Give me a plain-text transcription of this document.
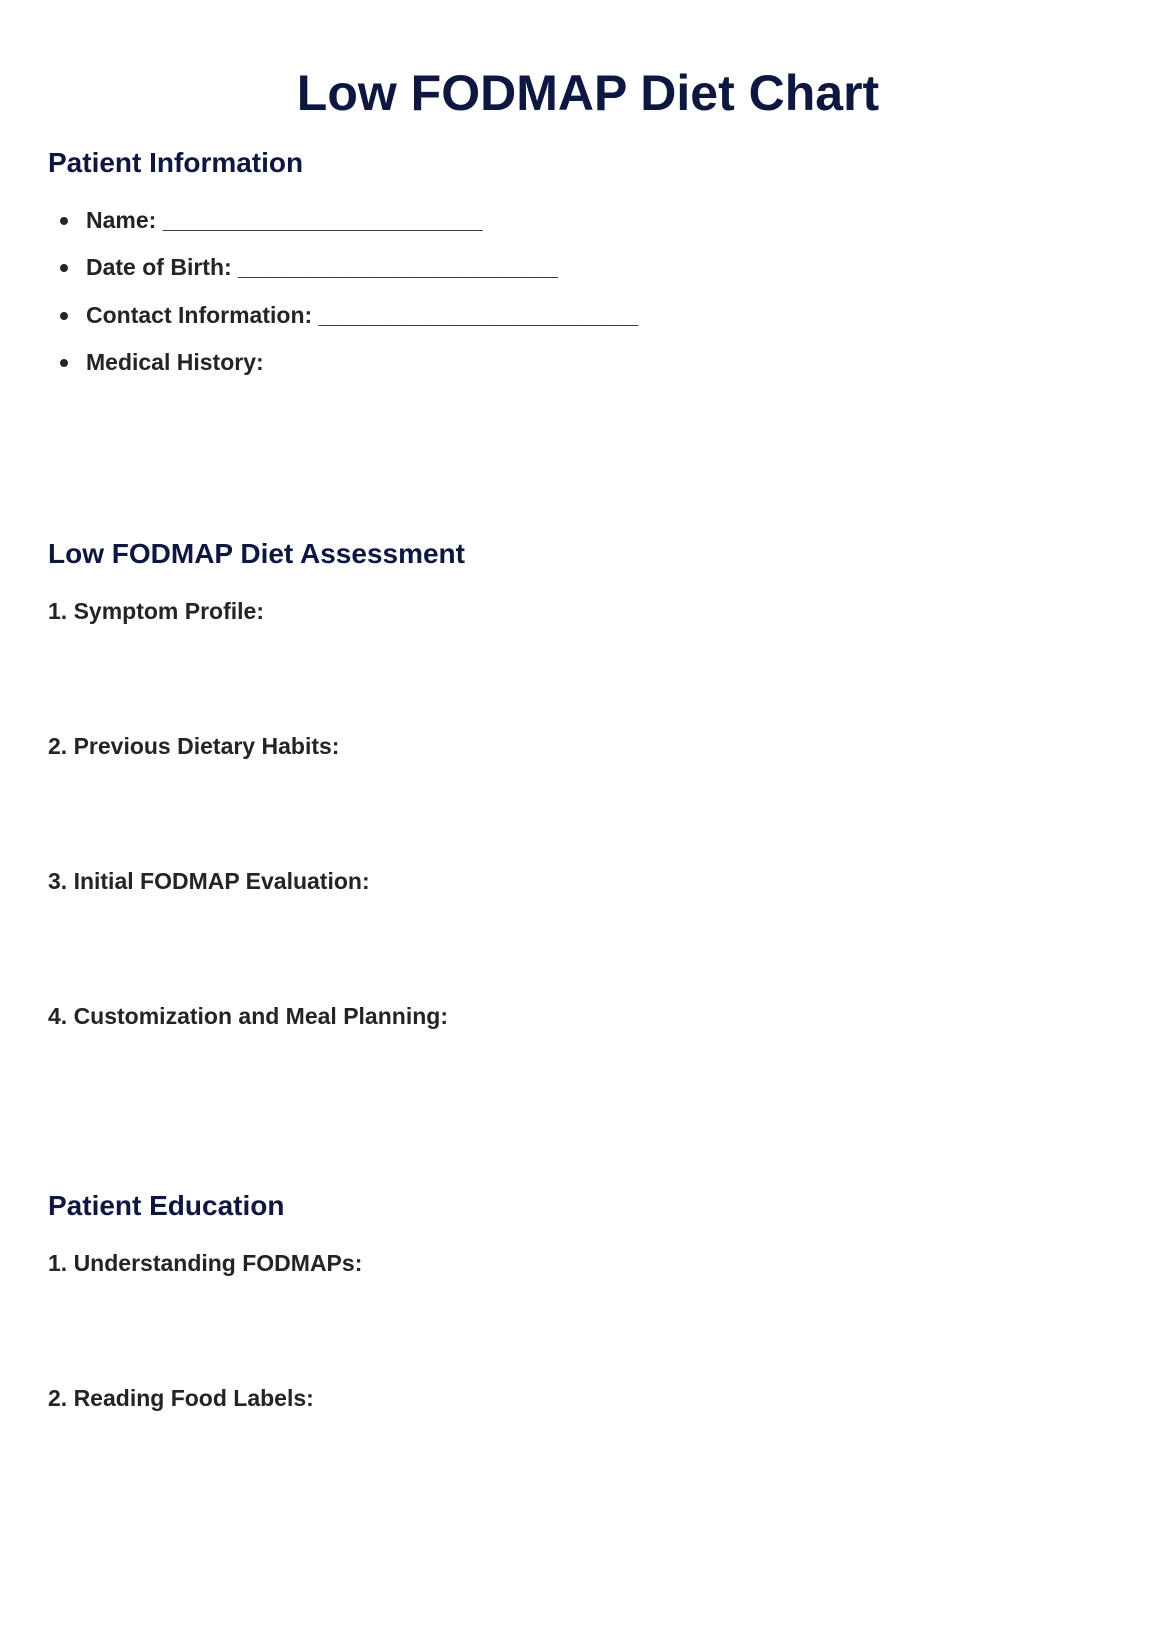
Low FODMAP Diet Chart
Patient Information
Name: _________________________
Date of Birth: _________________________
Contact Information: _________________________
Medical History:
Low FODMAP Diet Assessment

1. Symptom Profile:

2. Previous Dietary Habits:

3. Initial FODMAP Evaluation:

4. Customization and Meal Planning:

Patient Education

1. Understanding FODMAPs:

2. Reading Food Labels:
